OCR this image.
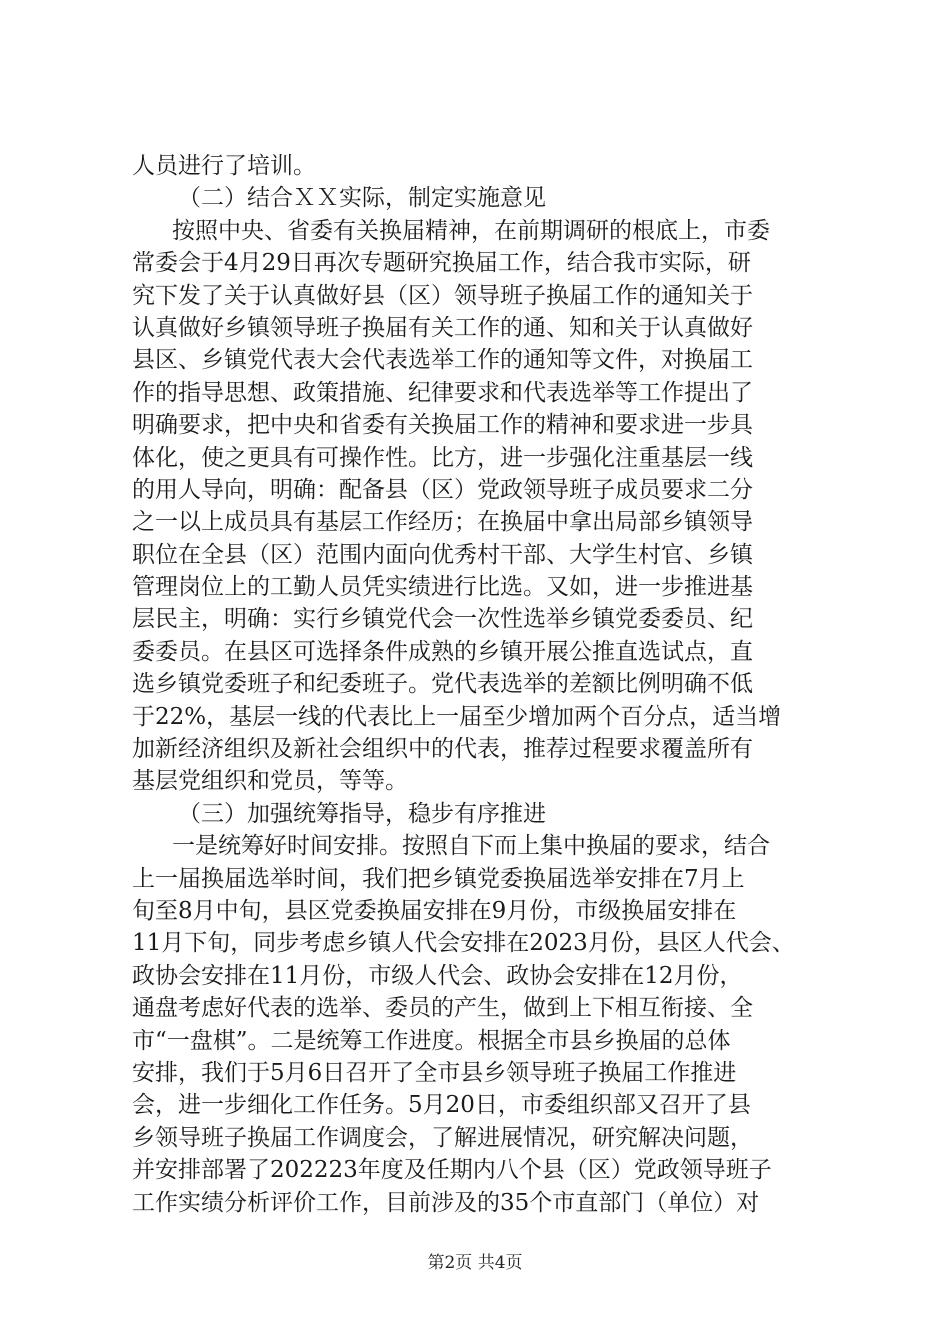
人员进行了培训。
（二）结合ＸＸ实际，制定实施意见
按照中央、省委有关换届精神，在前期调研的根底上，市委
常委会于4月29日再次专题研究换届工作，结合我市实际，研
究下发了关于认真做好县（区）领导班子换届工作的通知关于
认真做好乡镇领导班子换届有关工作的通、知和关于认真做好
县区、乡镇党代表大会代表选举工作的通知等文件，对换届工
作的指导思想、政策措施、纪律要求和代表选举等工作提出了
明确要求，把中央和省委有关换届工作的精神和要求进一步具
体化，使之更具有可操作性。比方，进一步强化注重基层一线
的用人导向，明确：配备县（区）党政领导班子成员要求二分
之一以上成员具有基层工作经历；在换届中拿出局部乡镇领导
职位在全县（区）范围内面向优秀村干部、大学生村官、乡镇
管理岗位上的工勤人员凭实绩进行比选。又如，进一步推进基
层民主，明确：实行乡镇党代会一次性选举乡镇党委委员、纪
委委员。在县区可选择条件成熟的乡镇开展公推直选试点，直
选乡镇党委班子和纪委班子。党代表选举的差额比例明确不低
于22%，基层一线的代表比上一届至少增加两个百分点，适当增
加新经济组织及新社会组织中的代表，推荐过程要求覆盖所有
基层党组织和党员，等等。
（三）加强统筹指导，稳步有序推进
一是统筹好时间安排。按照自下而上集中换届的要求，结合
上一届换届选举时间，我们把乡镇党委换届选举安排在7月上
旬至8月中旬，县区党委换届安排在9月份，市级换届安排在
11月下旬，同步考虑乡镇人代会安排在2023月份，县区人代会、
政协会安排在11月份，市级人代会、政协会安排在12月份，
通盘考虑好代表的选举、委员的产生，做到上下相互衔接、全
市“一盘棋”。二是统筹工作进度。根据全市县乡换届的总体
安排，我们于5月6日召开了全市县乡领导班子换届工作推进
会，进一步细化工作任务。5月20日，市委组织部又召开了县
乡领导班子换届工作调度会，了解进展情况，研究解决问题，
并安排部署了202223年度及任期内八个县（区）党政领导班子
工作实绩分析评价工作，目前涉及的35个市直部门（单位）对
第2页 共4页
